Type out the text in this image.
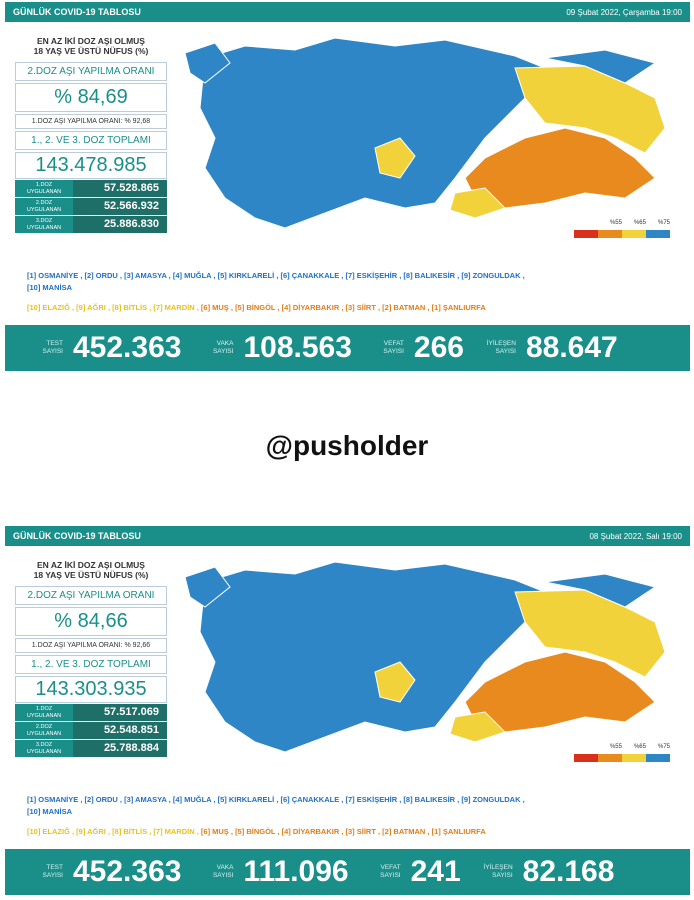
GÜNLÜK COVID-19 TABLOSU	09 Şubat 2022, Çarşamba 19:00
EN AZ İKİ DOZ AŞI OLMUŞ
18 YAŞ VE ÜSTÜ NÜFUS (%)
2.DOZ AŞI YAPILMA ORANI
% 84,69
1.DOZ AŞI YAPILMA ORANI: % 92,68
1., 2. VE 3. DOZ TOPLAMI
143.478.985
1.DOZ
UYGULANAN	57.528.865
2.DOZ
UYGULANAN	52.566.932
3.DOZ
UYGULANAN	25.886.830	%55 %65 %75
[1] OSMANİYE , [2] ORDU , [3] AMASYA , [4] MUĞLA , [5] KIRKLARELİ , [6] ÇANAKKALE , [7] ESKİŞEHİR , [8] BALIKESİR , [9] ZONGULDAK ,
[10] MANİSA
[10] ELAZIĞ , [9] AĞRI , [8] BİTLİS , [7] MARDİN , [6] MUŞ , [5] BİNGÖL , [4] DİYARBAKIR , [3] SİİRT , [2] BATMAN , [1] ŞANLIURFA
TEST
SAYISI 452.363	VAKA
SAYISI 108.563	VEFAT
SAYISI 266	İYİLEŞEN
SAYISI 88.647
@pusholder
GÜNLÜK COVID-19 TABLOSU	08 Şubat 2022, Salı 19:00
EN AZ İKİ DOZ AŞI OLMUŞ
18 YAŞ VE ÜSTÜ NÜFUS (%)
2.DOZ AŞI YAPILMA ORANI
% 84,66
1.DOZ AŞI YAPILMA ORANI: % 92,66
1., 2. VE 3. DOZ TOPLAMI
143.303.935
1.DOZ
UYGULANAN	57.517.069
2.DOZ
UYGULANAN	52.548.851
3.DOZ
UYGULANAN	25.788.884	%55 %65 %75
[1] OSMANİYE , [2] ORDU , [3] AMASYA , [4] MUĞLA , [5] KIRKLARELİ , [6] ÇANAKKALE , [7] ESKİŞEHİR , [8] BALIKESİR , [9] ZONGULDAK ,
[10] MANİSA
[10] ELAZIĞ , [9] AĞRI , [8] BİTLİS , [7] MARDİN , [6] MUŞ , [5] BİNGÖL , [4] DİYARBAKIR , [3] SİİRT , [2] BATMAN , [1] ŞANLIURFA
TEST
SAYISI 452.363	VAKA
SAYISI 111.096	VEFAT
SAYISI 241	İYİLEŞEN
SAYISI 82.168
